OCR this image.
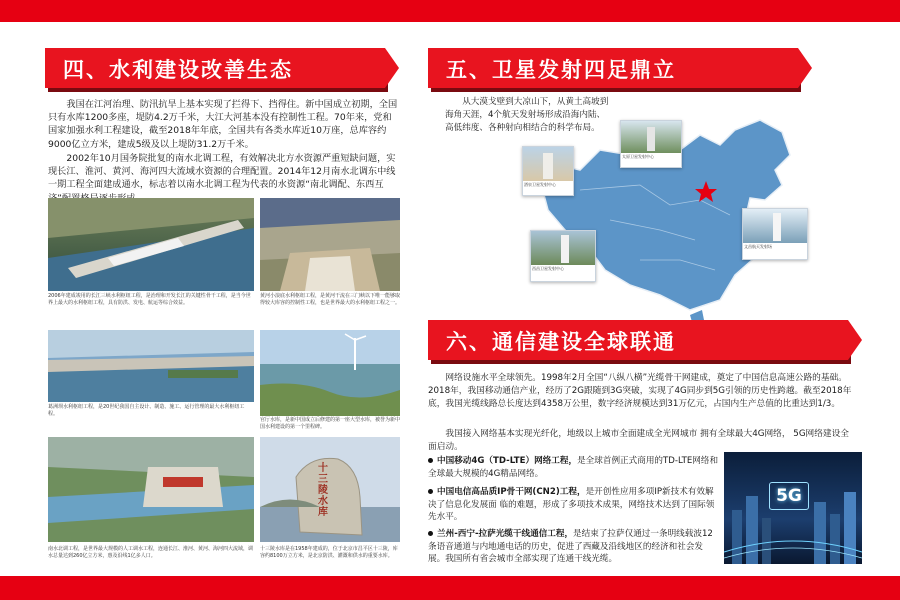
四、水利建设改善生态
我国在江河治理、防汛抗旱上基本实现了拦得下、挡得住。新中国成立初期，全国只有水库1200多座，堤防4.2万千米，大江大河基本没有控制性工程。70年来，党和国家加强水利工程建设，截至2018年年底，全国共有各类水库近10万座，总库容约9000亿立方米，建成5级及以上堤防31.2万千米。
2002年10月国务院批复的南水北调工程，有效解决北方水资源严重短缺问题，实现长江、淮河、黄河、海河四大流域水资源的合理配置。2014年12月南水北调东中线一期工程全面建成通水，标志着以南水北调工程为代表的水资源“南北调配、东西互
2006年建成竣用的长江三峡水利枢纽工程，是治理和开发长江的关键性骨干工程，是当今世界上最大的水利枢纽工程，具有防洪、发电、航运等综合效益。
黄河小浪底水利枢纽工程，是黄河干流在三门峡以下唯一能够取得较大库容的控制性工程，也是世界最大的水利枢纽工程之一。
葛洲坝水利枢纽工程，是20世纪我国自主设计、制造、施工、运行管理的最大水利枢纽工程。
官厅水库，是新中国成立后修建的第一座大型水库，被誉为新中国水利建设的第一个里程碑。
南水北调工程，是世界最大规模的人工调水工程，连通长江、淮河、黄河、海河四大流域，调水总量达到260亿立方米，惠及沿线1亿多人口。
十三陵水库
十三陵水库是在1958年建成的，位于北京市昌平区十三陵，库容约8100万立方米，是北京防洪、灌溉和供水的重要水库。
五、卫星发射四足鼎立
从大漠戈壁到大凉山下，从黄土高坡到海角天涯，4个航天发射场形成沿海内陆、高低纬度、各种射向相结合的科学布局。
酒泉卫星发射中心
太原卫星发射中心
西昌卫星发射中心
文昌航天发射场
六、通信建设全球联通
网络设施水平全球领先。1998年2月全国“八纵八横”光缆骨干网建成，奠定了中国信息高速公路的基础。2018年，我国移动通信产业，经历了2G跟随到3G突破，实现了4G同步到5G引领的历史性跨越。截至2018年底，我国光缆线路总长度达到4358万公里，数字经济规模达到31万亿元，占国内生产总值的比重达到1/3。
我国接入网络基本实现光纤化，地级以上城市全面建成全光网城市 拥有全球最大4G网络， 5G网络建设全面启动。
中国移动4G（TD-LTE）网络工程，是全球首例正式商用的TD-LTE网络和全球最大规模的4G精品网络。
中国电信高品质IP骨干网(CN2)工程，是开创性应用多项IP新技术有效解决了信息化发展面 临的难题，形成了多项技术成果，网络技术达到了国际领先水平。
兰州-西宁-拉萨光缆干线通信工程，是结束了拉萨仅通过一条明线载波12条语音通道与内地通电话的历史，促进了西藏及沿线地区的经济和社会发展。我国所有省会城市全部实现了连通干线光缆。
5G
